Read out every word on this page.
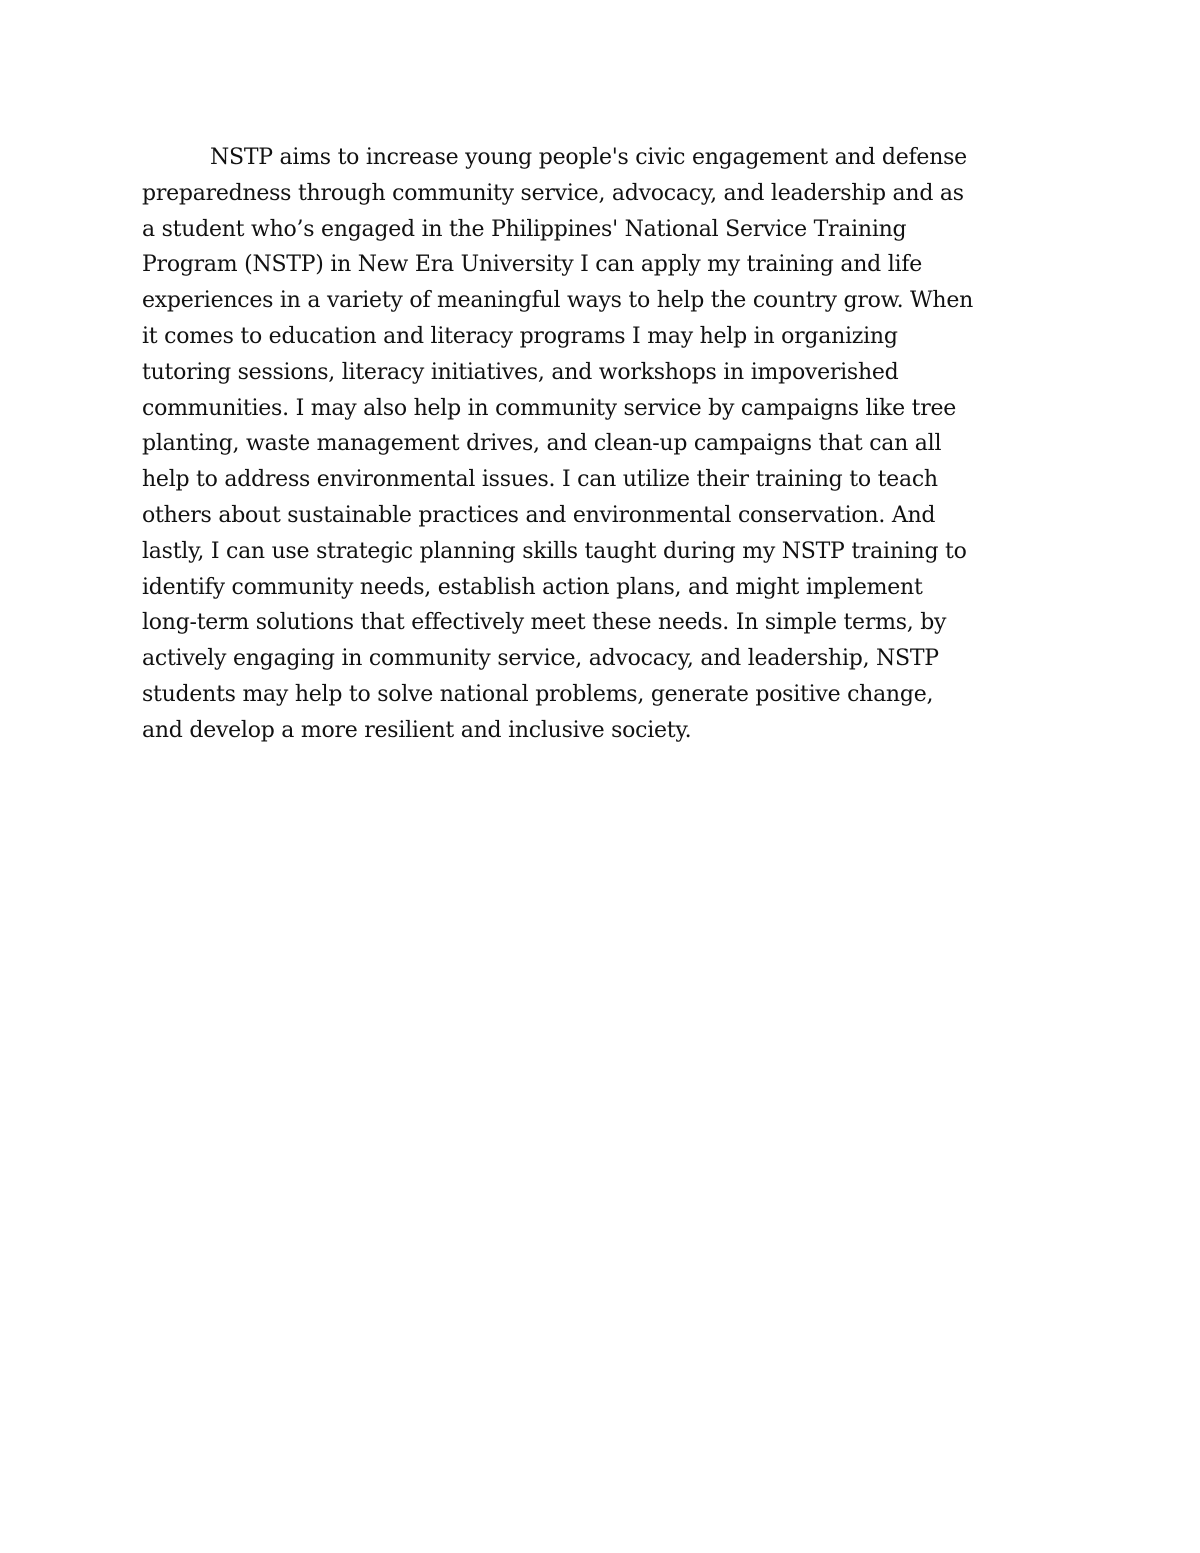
NSTP aims to increase young people's civic engagement and defense
preparedness through community service, advocacy, and leadership and as
a student who’s engaged in the Philippines' National Service Training
Program (NSTP) in New Era University I can apply my training and life
experiences in a variety of meaningful ways to help the country grow. When
it comes to education and literacy programs I may help in organizing
tutoring sessions, literacy initiatives, and workshops in impoverished
communities. I may also help in community service by campaigns like tree
planting, waste management drives, and clean-up campaigns that can all
help to address environmental issues. I can utilize their training to teach
others about sustainable practices and environmental conservation. And
lastly, I can use strategic planning skills taught during my NSTP training to
identify community needs, establish action plans, and might implement
long-term solutions that effectively meet these needs. In simple terms, by
actively engaging in community service, advocacy, and leadership, NSTP
students may help to solve national problems, generate positive change,
and develop a more resilient and inclusive society.
